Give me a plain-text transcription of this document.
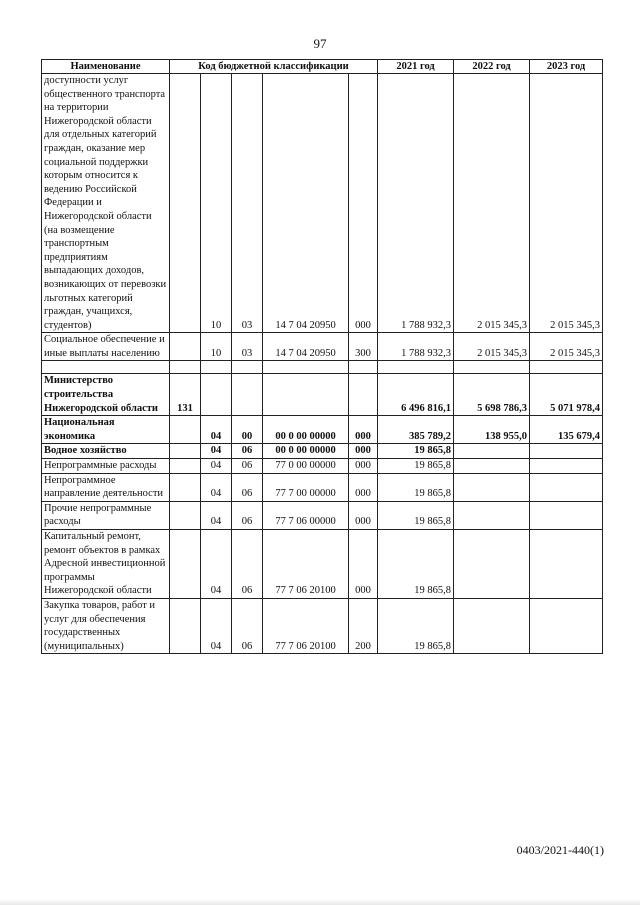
97
Наименование	Код бюджетной классификации					2021 год	2022 год	2023 год
доступности услуг общественного транспорта на территории Нижегородской области для отдельных категорий граждан, оказание мер социальной поддержки которым относится к ведению Российской Федерации и Нижегородской области (на возмещение транспортным предприятиям выпадающих доходов, возникающих от перевозки льготных категорий граждан, учащихся, студентов)		10	03	14 7 04 20950	000	1 788 932,3	2 015 345,3	2 015 345,3
Социальное обеспечение и иные выплаты населению		10	03	14 7 04 20950	300	1 788 932,3	2 015 345,3	2 015 345,3

Министерство строительства Нижегородской области	131					6 496 816,1	5 698 786,3	5 071 978,4
Национальная экономика		04	00	00 0 00 00000	000	385 789,2	138 955,0	135 679,4
Водное хозяйство		04	06	00 0 00 00000	000	19 865,8		
Непрограммные расходы		04	06	77 0 00 00000	000	19 865,8		
Непрограммное направление деятельности		04	06	77 7 00 00000	000	19 865,8		
Прочие непрограммные расходы		04	06	77 7 06 00000	000	19 865,8		
Капитальный ремонт, ремонт объектов в рамках Адресной инвестиционной программы Нижегородской области		04	06	77 7 06 20100	000	19 865,8		
Закупка товаров, работ и услуг для обеспечения государственных (муниципальных)		04	06	77 7 06 20100	200	19 865,8		
0403/2021-440(1)
